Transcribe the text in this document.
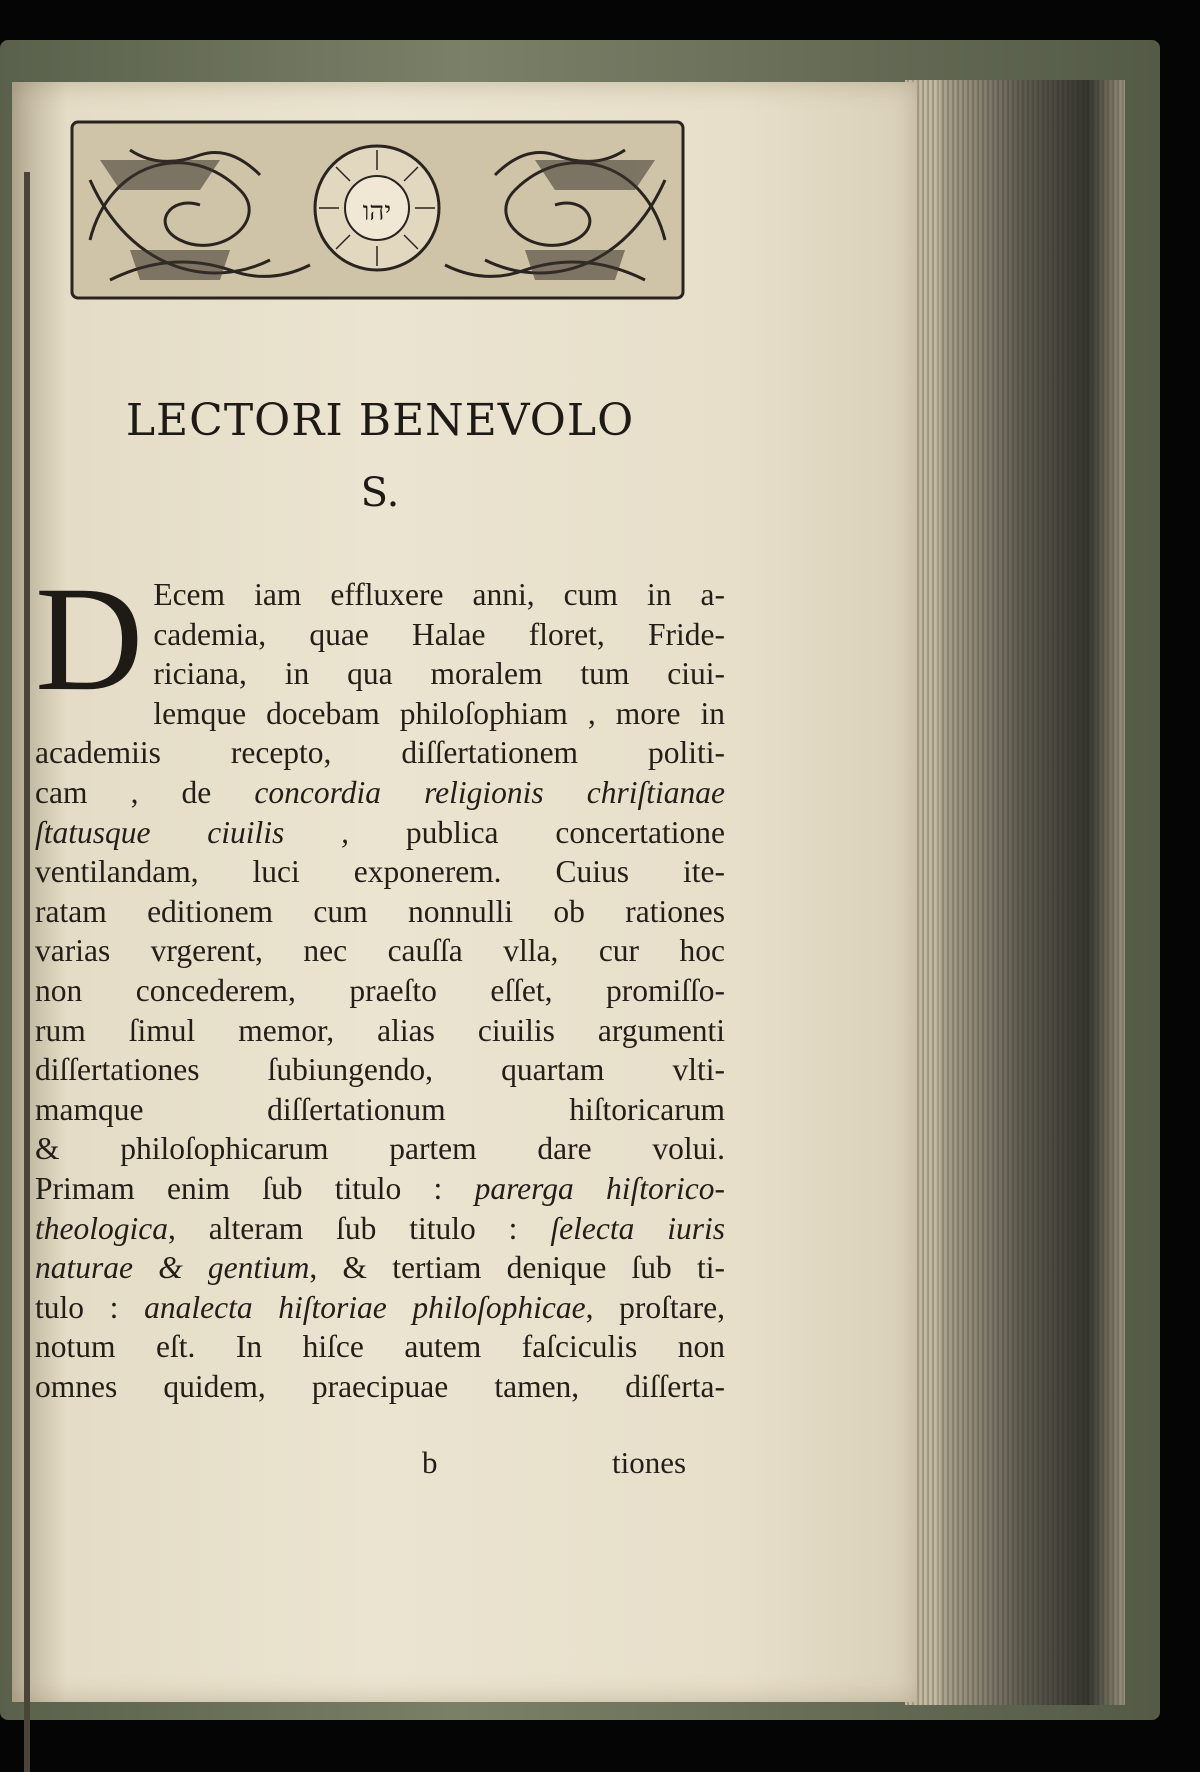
יהו
LECTORI BENEVOLO
S.
D Ecem iam effluxere anni, cum in a-
cademia, quae Halae floret, Fride-
riciana, in qua moralem tum ciui-
lemque docebam philoſophiam , more in
academiis recepto, diſſertationem politi-
cam , de concordia religionis chriſtianae
ſtatusque ciuilis , publica concertatione
ventilandam, luci exponerem. Cuius ite-
ratam editionem cum nonnulli ob rationes
varias vrgerent, nec cauſſa vlla, cur hoc
non concederem, praeſto eſſet, promiſſo-
rum ſimul memor, alias ciuilis argumenti
diſſertationes ſubiungendo, quartam vlti-
mamque diſſertationum hiſtoricarum
& philoſophicarum partem dare volui.
Primam enim ſub titulo : parerga hiſtorico-
theologica, alteram ſub titulo : ſelecta iuris
naturae & gentium, & tertiam denique ſub ti-
tulo : analecta hiſtoriae philoſophicae, proſtare,
notum eſt. In hiſce autem faſciculis non
omnes quidem, praecipuae tamen, diſſerta-
b	tiones
